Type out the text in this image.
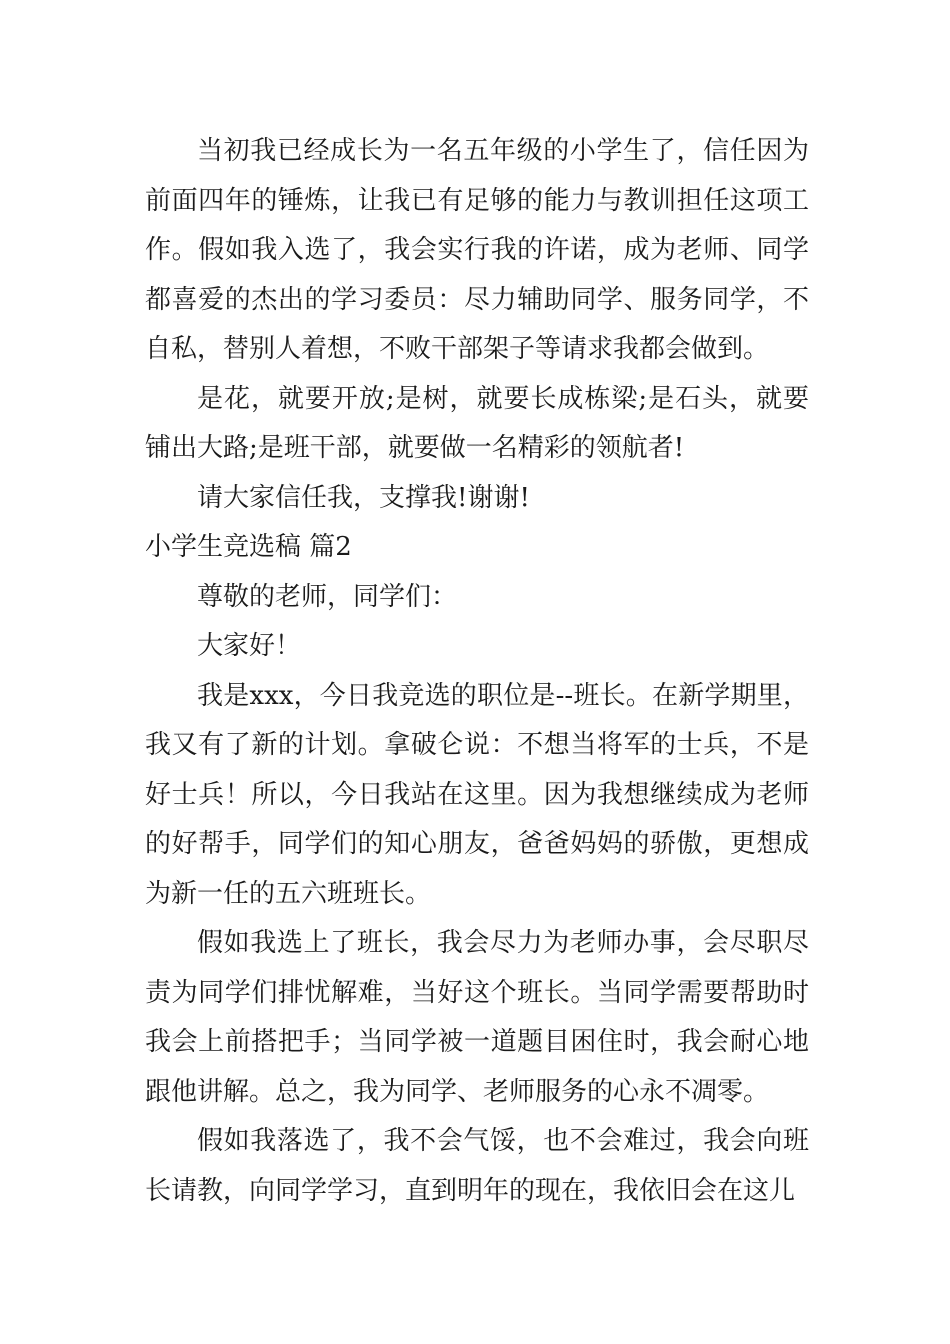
当初我已经成长为一名五年级的小学生了，信任因为前面四年的锤炼，让我已有足够的能力与教训担任这项工作。假如我入选了，我会实行我的许诺，成为老师、同学都喜爱的杰出的学习委员：尽力辅助同学、服务同学，不自私，替别人着想，不败干部架子等请求我都会做到。

是花，就要开放;是树，就要长成栋梁;是石头，就要铺出大路;是班干部，就要做一名精彩的领航者!

请大家信任我，支撑我!谢谢!

小学生竞选稿 篇2

尊敬的老师，同学们：

大家好！

我是xxx，今日我竞选的职位是--班长。在新学期里，我又有了新的计划。拿破仑说：不想当将军的士兵，不是好士兵！所以，今日我站在这里。因为我想继续成为老师的好帮手，同学们的知心朋友，爸爸妈妈的骄傲，更想成为新一任的五六班班长。

假如我选上了班长，我会尽力为老师办事，会尽职尽责为同学们排忧解难，当好这个班长。当同学需要帮助时我会上前搭把手；当同学被一道题目困住时，我会耐心地跟他讲解。总之，我为同学、老师服务的心永不凋零。

假如我落选了，我不会气馁，也不会难过，我会向班长请教，向同学学习，直到明年的现在，我依旧会在这儿
